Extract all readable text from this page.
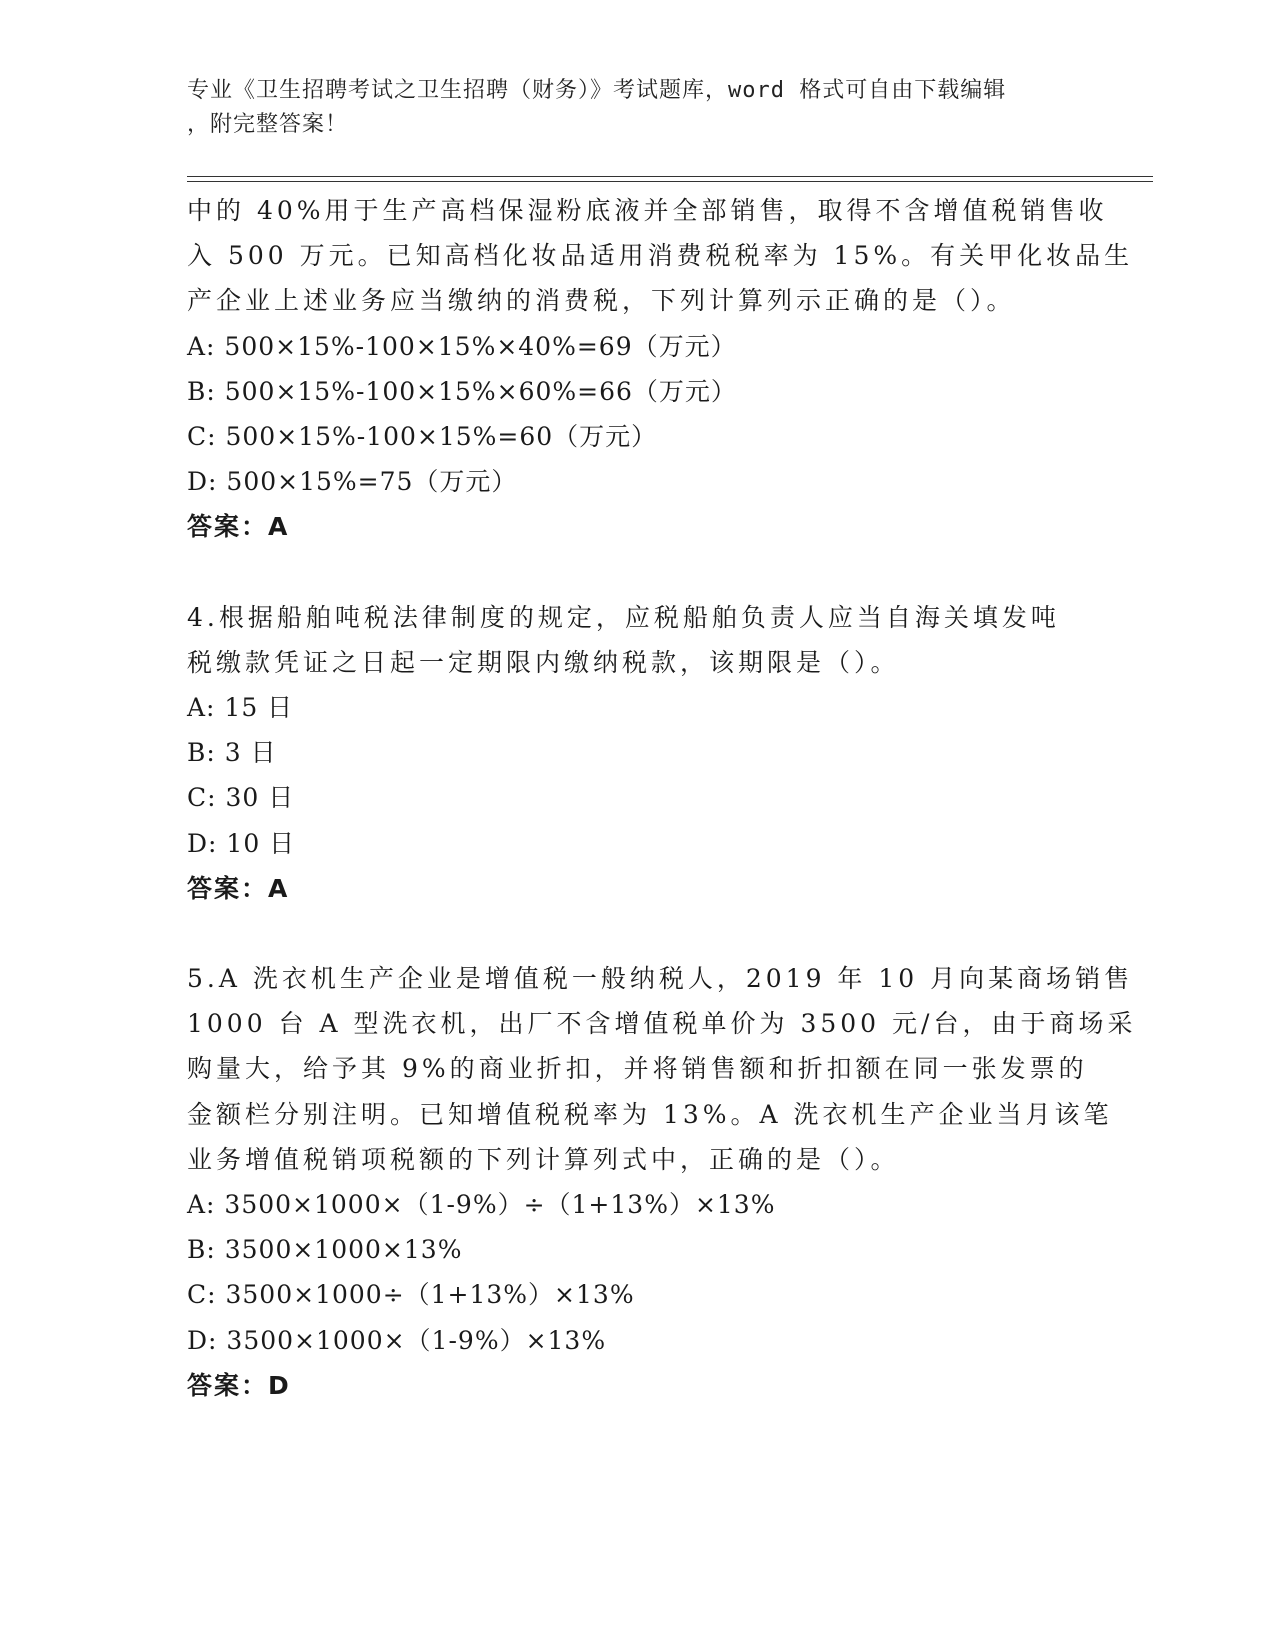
专业《卫生招聘考试之卫生招聘（财务）》考试题库，word 格式可自由下载编辑
，附完整答案！
中的 40%用于生产高档保湿粉底液并全部销售，取得不含增值税销售收
入 500 万元。已知高档化妆品适用消费税税率为 15%。有关甲化妆品生
产企业上述业务应当缴纳的消费税，下列计算列示正确的是（）。
A: 500×15%-100×15%×40%=69（万元）
B: 500×15%-100×15%×60%=66（万元）
C: 500×15%-100×15%=60（万元）
D: 500×15%=75（万元）
答案：A
4.根据船舶吨税法律制度的规定，应税船舶负责人应当自海关填发吨
税缴款凭证之日起一定期限内缴纳税款，该期限是（）。
A: 15 日
B: 3 日
C: 30 日
D: 10 日
答案：A
5.A 洗衣机生产企业是增值税一般纳税人，2019 年 10 月向某商场销售
1000 台 A 型洗衣机，出厂不含增值税单价为 3500 元/台，由于商场采
购量大，给予其 9%的商业折扣，并将销售额和折扣额在同一张发票的
金额栏分别注明。已知增值税税率为 13%。A 洗衣机生产企业当月该笔
业务增值税销项税额的下列计算列式中，正确的是（）。
A: 3500×1000×（1-9%）÷（1+13%）×13%
B: 3500×1000×13%
C: 3500×1000÷（1+13%）×13%
D: 3500×1000×（1-9%）×13%
答案：D
